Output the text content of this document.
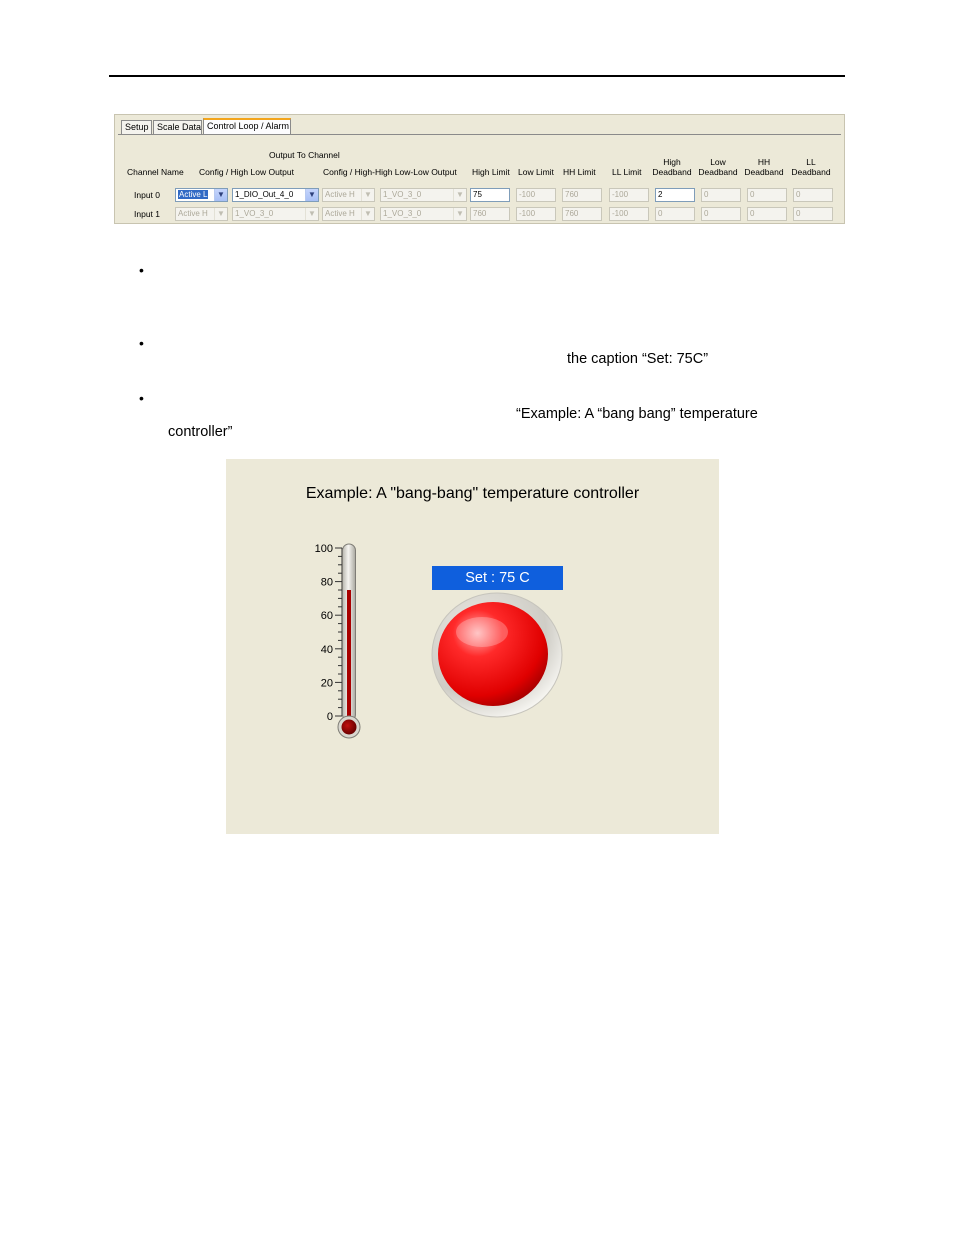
Setup Scale Data Control Loop / Alarm
Output To Channel
Channel Name Config / High Low Output	Config / High-High Low-Low Output High Limit Low Limit HH Limit LL Limit
High
Deadband
Low
Deadband
HH
Deadband
LL
Deadband
Input 0	Active L	▼	1_DIO_Out_4_0	▼	Active H	▼	1_VO_3_0	▼	75	-100	760	-100	2	0	0	0
Input 1	Active H	▼	1_VO_3_0	▼	Active H	▼	1_VO_3_0	▼	760	-100	760	-100	0	0	0	0
•
•
the caption “Set: 75C”
•
“Example: A “bang bang” temperature
controller”
Example: A "bang-bang" temperature controller
100
80
60
40
20
0
Set : 75 C
